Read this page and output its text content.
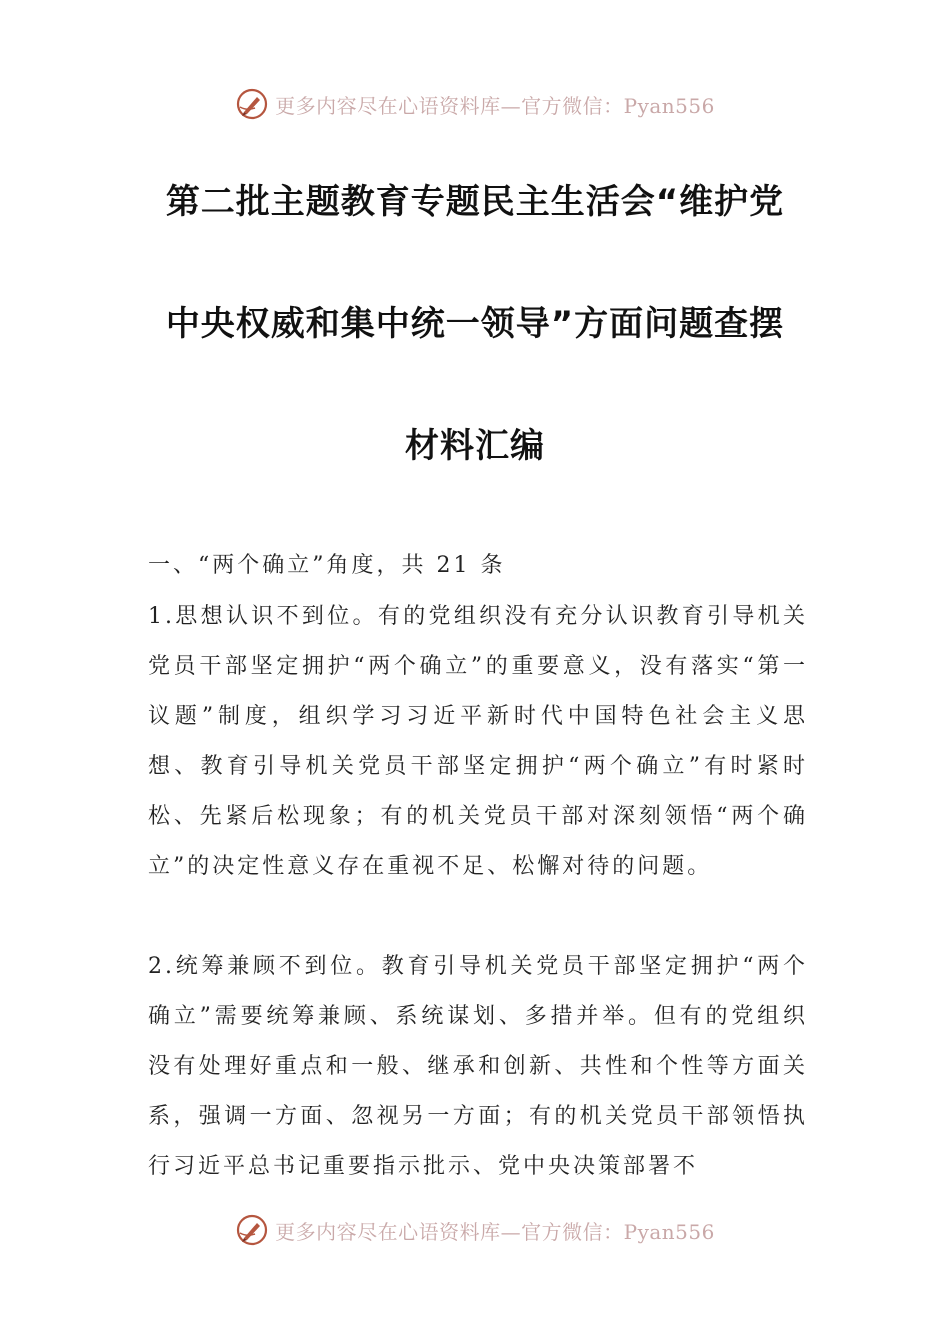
更多内容尽在心语资料库—官方微信：Pyan556
第二批主题教育专题民主生活会“维护党
中央权威和集中统一领导”方面问题查摆
材料汇编
一、“两个确立”角度，共 21 条
1.思想认识不到位。有的党组织没有充分认识教育引导机关党员干部坚定拥护“两个确立”的重要意义，没有落实“第一议题”制度，组织学习习近平新时代中国特色社会主义思想、教育引导机关党员干部坚定拥护“两个确立”有时紧时松、先紧后松现象；有的机关党员干部对深刻领悟“两个确立”的决定性意义存在重视不足、松懈对待的问题。
2.统筹兼顾不到位。教育引导机关党员干部坚定拥护“两个确立”需要统筹兼顾、系统谋划、多措并举。但有的党组织没有处理好重点和一般、继承和创新、共性和个性等方面关系，强调一方面、忽视另一方面；有的机关党员干部领悟执行习近平总书记重要指示批示、党中央决策部署不
更多内容尽在心语资料库—官方微信：Pyan556
